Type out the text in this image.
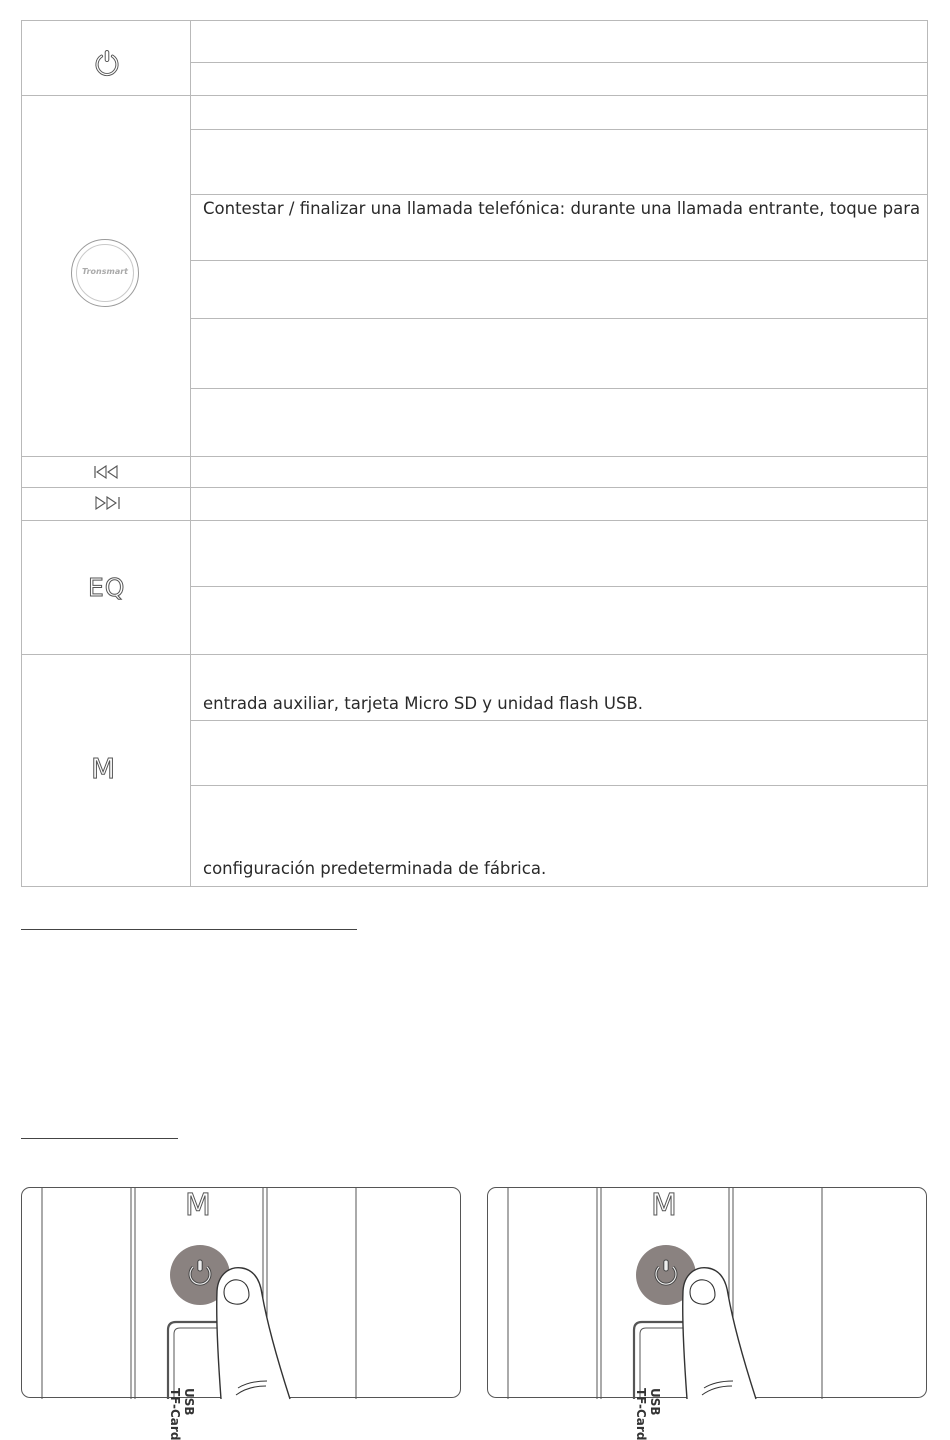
Tronsmart
EQ
M
Contestar / finalizar una llamada telefónica: durante una llamada entrante, toque para
entrada auxiliar, tarjeta Micro SD y unidad flash USB.
configuración predeterminada de fábrica.
M
USB
TF-Card
M
USB
TF-Card
